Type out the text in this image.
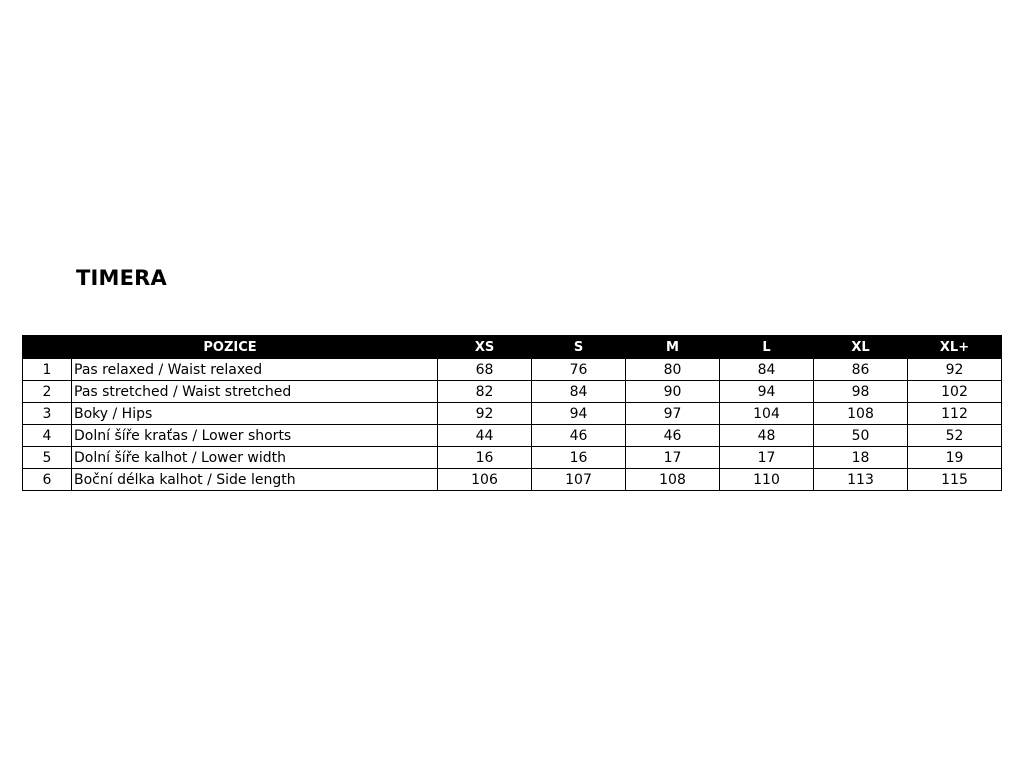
TIMERA
POZICE		XS	S	M	L	XL	XL+
1	Pas relaxed / Waist relaxed	68	76	80	84	86	92
2	Pas stretched / Waist stretched	82	84	90	94	98	102
3	Boky / Hips	92	94	97	104	108	112
4	Dolní šíře kraťas / Lower shorts	44	46	46	48	50	52
5	Dolní šíře kalhot / Lower width	16	16	17	17	18	19
6	Boční délka kalhot / Side length	106	107	108	110	113	115
